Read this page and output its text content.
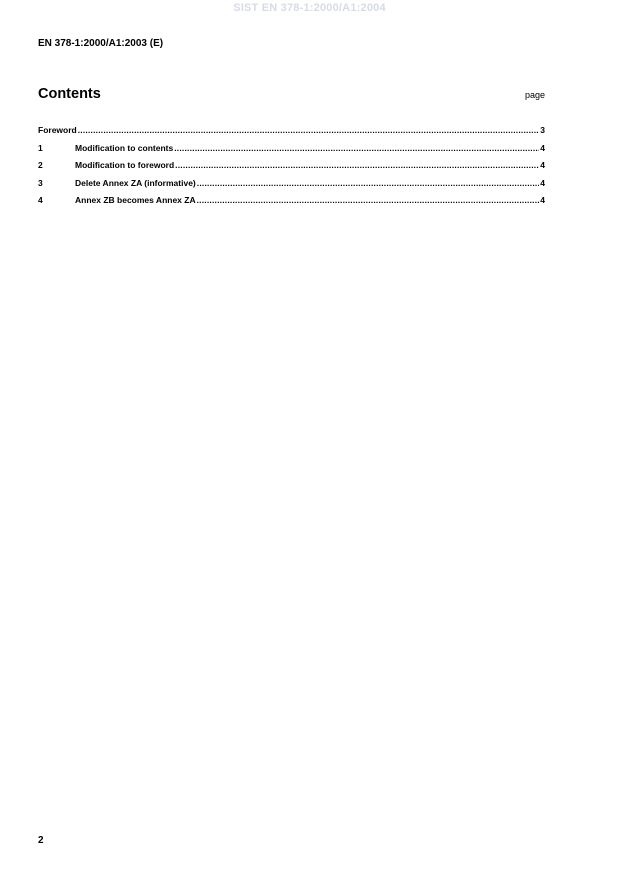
SIST EN 378-1:2000/A1:2004
EN 378-1:2000/A1:2003 (E)
Contents	page
Foreword .....	3
1	Modification to contents .....	4
2	Modification to foreword .....	4
3	Delete Annex ZA (informative) .....	4
4	Annex ZB becomes Annex ZA .....	4
2
